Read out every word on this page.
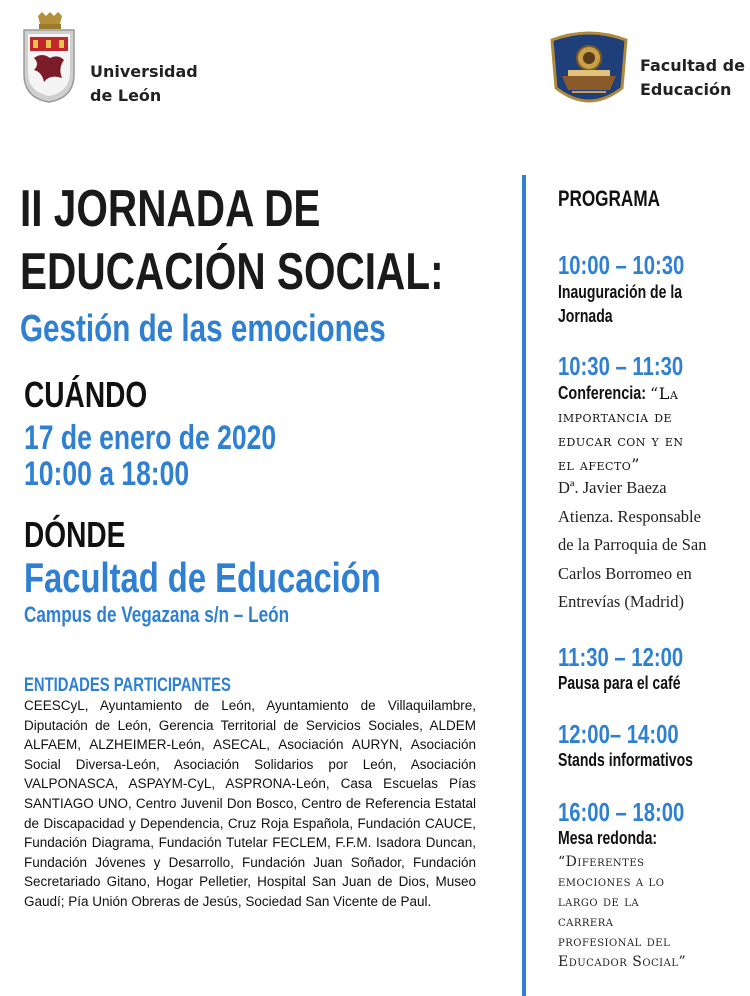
Universidad
de León
Facultad de
Educación
II JORNADA DE
EDUCACIÓN SOCIAL:
Gestión de las emociones
CUÁNDO
17 de enero de 2020
10:00 a 18:00
DÓNDE
Facultad de Educación
Campus de Vegazana s/n – León
ENTIDADES PARTICIPANTES
CEESCyL, Ayuntamiento de León, Ayuntamiento de Villaquilambre, Diputación de León, Gerencia Territorial de Servicios Sociales, ALDEM ALFAEM, ALZHEIMER-León, ASECAL, Asociación AURYN, Asociación Social Diversa-León, Asociación Solidarios por León, Asociación VALPONASCA, ASPAYM-CyL, ASPRONA-León, Casa Escuelas Pías SANTIAGO UNO, Centro Juvenil Don Bosco, Centro de Referencia Estatal de Discapacidad y Dependencia, Cruz Roja Española, Fundación CAUCE, Fundación Diagrama, Fundación Tutelar FECLEM, F.F.M. Isadora Duncan, Fundación Jóvenes y Desarrollo, Fundación Juan Soñador, Fundación Secretariado Gitano, Hogar Pelletier, Hospital San Juan de Dios, Museo Gaudí; Pía Unión Obreras de Jesús, Sociedad San Vicente de Paul.
PROGRAMA
10:00 – 10:30
Inauguración de la
Jornada
10:30 – 11:30
Conferencia: “La
importancia de
educar con y en
el afecto”
Dª. Javier Baeza
Atienza. Responsable
de la Parroquia de San
Carlos Borromeo en
Entrevías (Madrid)
11:30 – 12:00
Pausa para el café
12:00– 14:00
Stands informativos
16:00 – 18:00
Mesa redonda:
“Diferentes
emociones a lo
largo de la
carrera
profesional del
Educador Social”
